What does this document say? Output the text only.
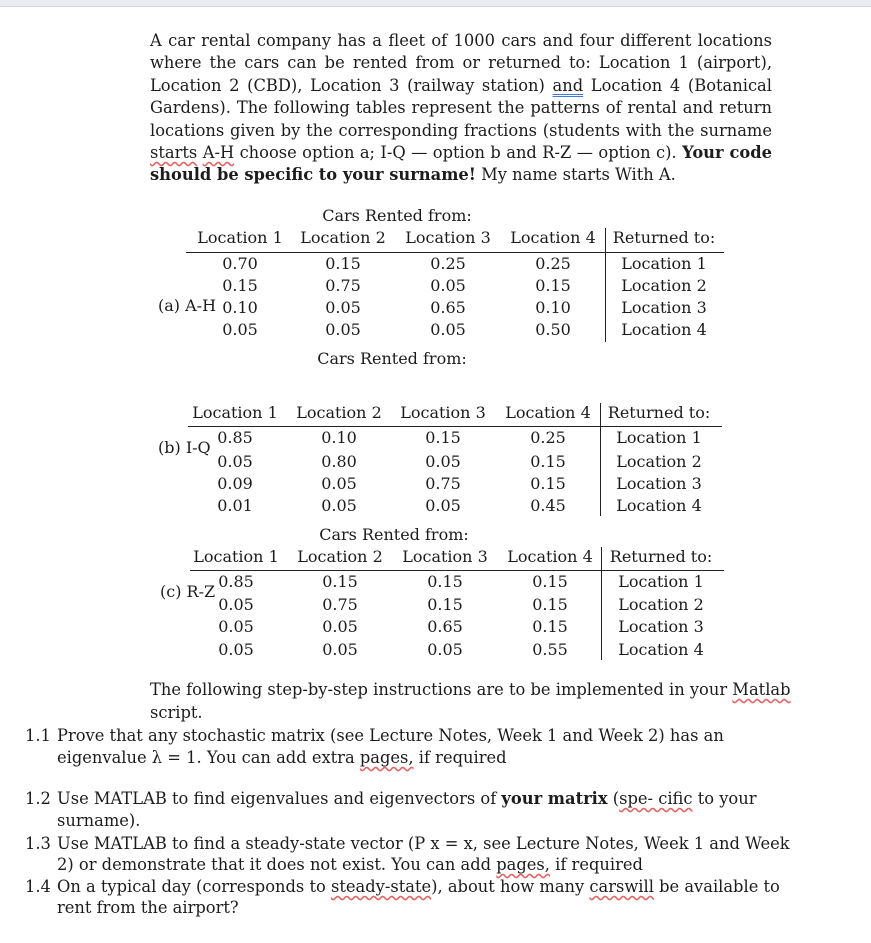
A car rental company has a fleet of 1000 cars and four different locations where the cars can be rented from or returned to: Location 1 (airport), Location 2 (CBD), Location 3 (railway station) and Location 4 (Botanical Gardens). The following tables represent the patterns of rental and return locations given by the corresponding fractions (students with the surname starts A-H choose option a; I-Q — option b and R-Z — option c). Your code should be specific to your surname! My name starts With A.

Cars Rented from:
Location 1	Location 2	Location 3	Location 4	Returned to:
0.70	0.15	0.25	0.25	Location 1
0.15	0.75	0.05	0.15	Location 2
0.10	0.05	0.65	0.10	Location 3
0.05	0.05	0.05	0.50	Location 4
(a) A-H
Location 1	Location 2	Location 3	Location 4	Returned to:
0.85	0.10	0.15	0.25	Location 1
0.05	0.80	0.05	0.15	Location 2
0.09	0.05	0.75	0.15	Location 3
0.01	0.05	0.05	0.45	Location 4
(b) I-Q
Cars Rented from:
Location 1	Location 2	Location 3	Location 4	Returned to:
0.85	0.15	0.15	0.15	Location 1
0.05	0.75	0.15	0.15	Location 2
0.05	0.05	0.65	0.15	Location 3
0.05	0.05	0.05	0.55	Location 4
(c) R-Z
Cars Rented from:
The following step-by-step instructions are to be implemented in your Matlab
script.
1.1 Prove that any stochastic matrix (see Lecture Notes, Week 1 and Week 2) has an
eigenvalue λ = 1. You can add extra pages, if required
1.2 Use MATLAB to find eigenvalues and eigenvectors of your matrix (spe- cific to your
surname).
1.3 Use MATLAB to find a steady-state vector (P x = x, see Lecture Notes, Week 1 and Week
2) or demonstrate that it does not exist. You can add pages, if required
1.4 On a typical day (corresponds to steady-state), about how many carswill be available to
rent from the airport?
